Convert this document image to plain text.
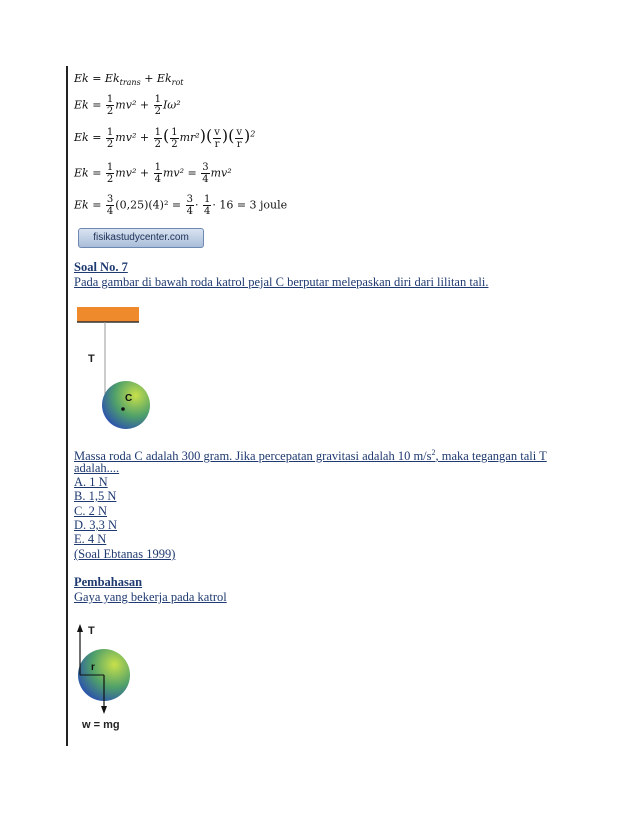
$Ek = Ek_{trans} + Ek_{rot}$
$Ek = \frac{1}{2} mv^2 + \frac{1}{2} I\omega^2$
$Ek = \frac{1}{2} mv^2 + \frac{1}{2}$ ( $\frac{1}{2} mr^2)( \frac{v}{r}$ )( $\frac{v}{r} )^2$
$Ek = \frac{1}{2} mv^2 + \frac{1}{4} mv^2 = \frac{3}{4} mv^2$
$Ek = \frac{3}{4} (0,25)(4)^2 = \frac{3}{4} \cdot \frac{1}{4} \cdot 16 = 3$ joule
fisikastudycenter.com
Soal No. 7
Pada gambar di bawah roda katrol pejal C berputar melepaskan diri dari lilitan tali.
T
C
Massa roda C adalah 300 gram. Jika percepatan gravitasi adalah 10 $m/s^2$, maka tegangan tali T
adalah....
A. 1 N
B. 1,5 N
C. 2 N
D. 3,3 N
E. 4 N
(Soal Ebtanas 1999)
Pembahasan
Gaya yang bekerja pada katrol
T
r
w = mg
